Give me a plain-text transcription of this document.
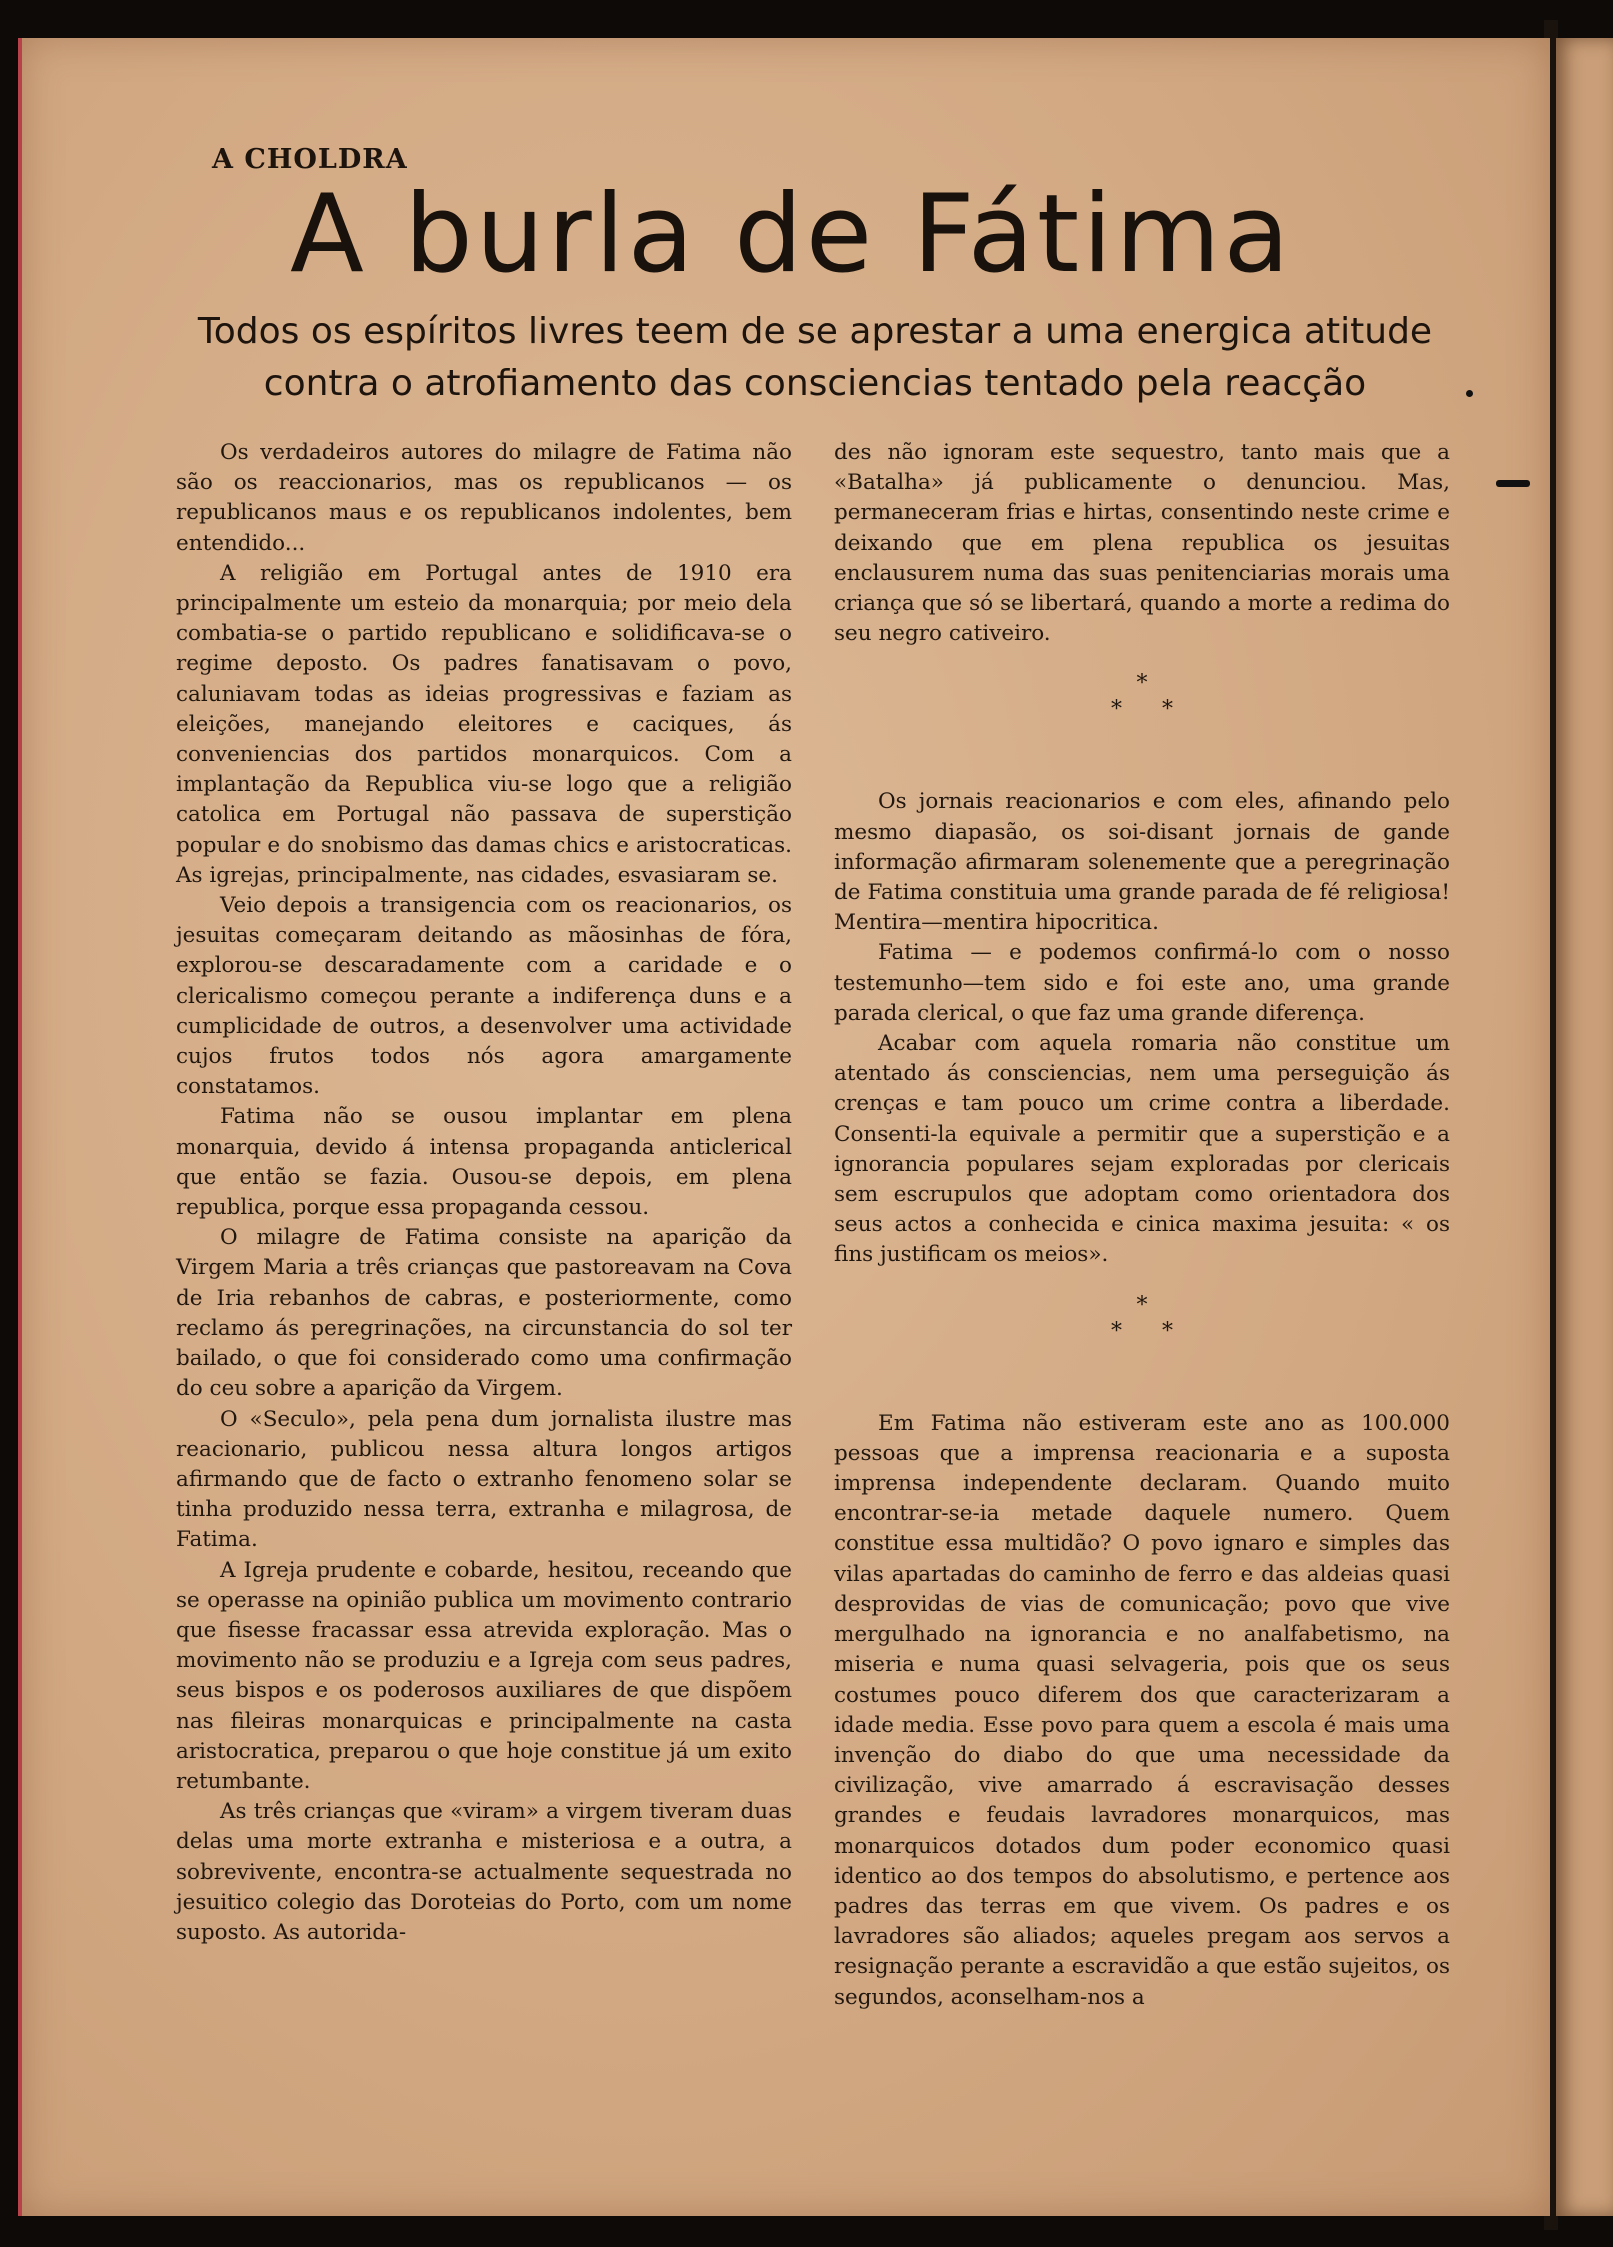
A CHOLDRA
A burla de Fátima
Todos os espíritos livres teem de se aprestar a uma energica atitude
contra o atrofiamento das consciencias tentado pela reacção

Os verdadeiros autores do milagre de Fatima não são os reaccionarios, mas os republicanos — os republicanos maus e os republicanos indolentes, bem entendido...

A religião em Portugal antes de 1910 era principalmente um esteio da monarquia; por meio dela combatia-se o partido republicano e solidificava-se o regime deposto. Os padres fanatisavam o povo, caluniavam todas as ideias progressivas e faziam as eleições, manejando eleitores e caciques, ás conveniencias dos partidos monarquicos. Com a implantação da Republica viu-se logo que a religião catolica em Portugal não passava de superstição popular e do snobismo das damas chics e aristocraticas. As igrejas, principalmente, nas cidades, esvasiaram se.

Veio depois a transigencia com os reacionarios, os jesuitas começaram deitando as mãosinhas de fóra, explorou-se descaradamente com a caridade e o clericalismo começou perante a indiferença duns e a cumplicidade de outros, a desenvolver uma actividade cujos frutos todos nós agora amargamente constatamos.

Fatima não se ousou implantar em plena monarquia, devido á intensa propaganda anticlerical que então se fazia. Ousou-se depois, em plena republica, porque essa propaganda cessou.

O milagre de Fatima consiste na aparição da Virgem Maria a três crianças que pastoreavam na Cova de Iria rebanhos de cabras, e posteriormente, como reclamo ás peregrinações, na circunstancia do sol ter bailado, o que foi considerado como uma confirmação do ceu sobre a aparição da Virgem.

O «Seculo», pela pena dum jornalista ilustre mas reacionario, publicou nessa altura longos artigos afirmando que de facto o extranho fenomeno solar se tinha produzido nessa terra, extranha e milagrosa, de Fatima.

A Igreja prudente e cobarde, hesitou, receando que se operasse na opinião publica um movimento contrario que fisesse fracassar essa atrevida exploração. Mas o movimento não se produziu e a Igreja com seus padres, seus bispos e os poderosos auxiliares de que dispõem nas fileiras monarquicas e principalmente na casta aristocratica, preparou o que hoje constitue já um exito retumbante.

As três crianças que «viram» a virgem tiveram duas delas uma morte extranha e misteriosa e a outra, a sobrevivente, encontra-se actualmente sequestrada no jesuitico colegio das Doroteias do Porto, com um nome suposto. As autorida-

des não ignoram este sequestro, tanto mais que a «Batalha» já publicamente o denunciou. Mas, permaneceram frias e hirtas, consentindo neste crime e deixando que em plena republica os jesuitas enclausurem numa das suas penitenciarias morais uma criança que só se libertará, quando a morte a redima do seu negro cativeiro.

*
**

Os jornais reacionarios e com eles, afinando pelo mesmo diapasão, os soi-disant jornais de gande informação afirmaram solenemente que a peregrinação de Fatima constituia uma grande parada de fé religiosa! Mentira—mentira hipocritica.

Fatima — e podemos confirmá-lo com o nosso testemunho—tem sido e foi este ano, uma grande parada clerical, o que faz uma grande diferença.

Acabar com aquela romaria não constitue um atentado ás consciencias, nem uma perseguição ás crenças e tam pouco um crime contra a liberdade. Consenti-la equivale a permitir que a superstição e a ignorancia populares sejam exploradas por clericais sem escrupulos que adoptam como orientadora dos seus actos a conhecida e cinica maxima jesuita: « os fins justificam os meios».

*
**

Em Fatima não estiveram este ano as 100.000 pessoas que a imprensa reacionaria e a suposta imprensa independente declaram. Quando muito encontrar-se-ia metade daquele numero. Quem constitue essa multidão? O povo ignaro e simples das vilas apartadas do caminho de ferro e das aldeias quasi desprovidas de vias de comunicação; povo que vive mergulhado na ignorancia e no analfabetismo, na miseria e numa quasi selvageria, pois que os seus costumes pouco diferem dos que caracterizaram a idade media. Esse povo para quem a escola é mais uma invenção do diabo do que uma necessidade da civilização, vive amarrado á escravisação desses grandes e feudais lavradores monarquicos, mas monarquicos dotados dum poder economico quasi identico ao dos tempos do absolutismo, e pertence aos padres das terras em que vivem. Os padres e os lavradores são aliados; aqueles pregam aos servos a resignação perante a escravidão a que estão sujeitos, os segundos, aconselham-nos a
